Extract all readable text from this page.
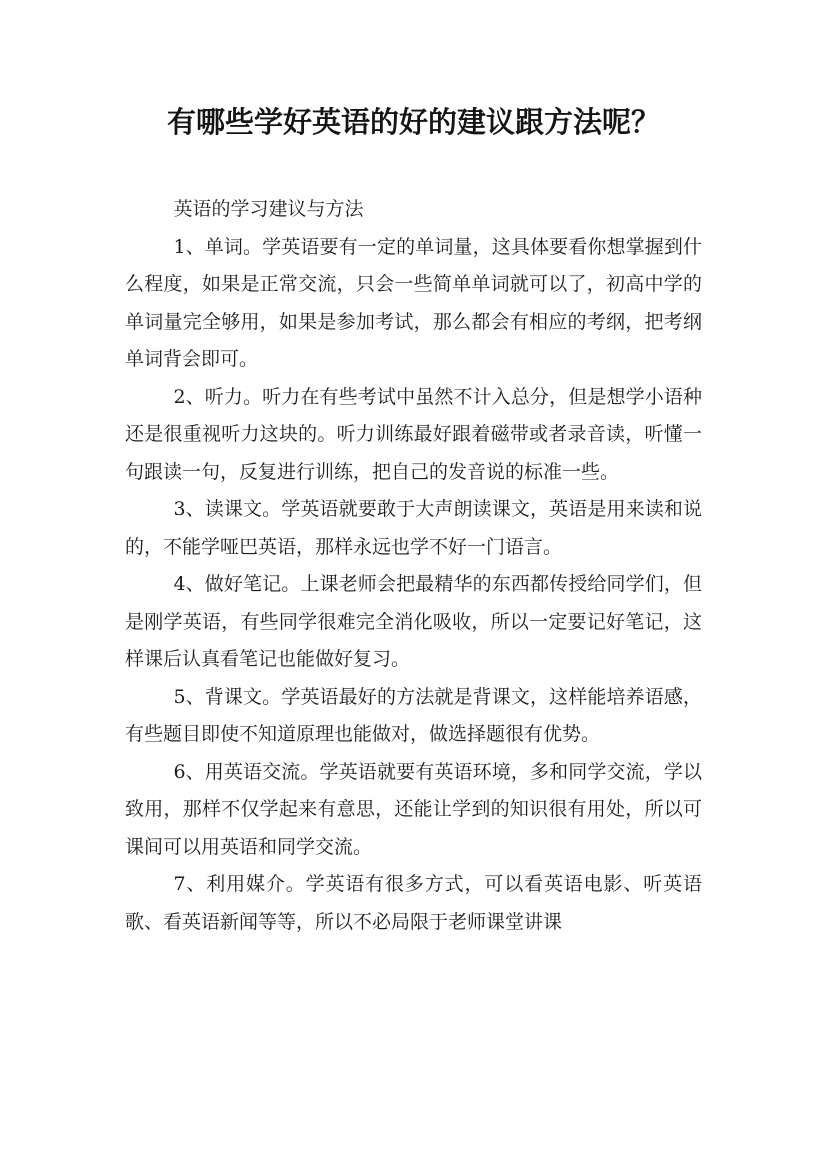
有哪些学好英语的好的建议跟方法呢？

英语的学习建议与方法

1、单词。学英语要有一定的单词量，这具体要看你想掌握到什么程度，如果是正常交流，只会一些简单单词就可以了，初高中学的单词量完全够用，如果是参加考试，那么都会有相应的考纲，把考纲单词背会即可。

2、听力。听力在有些考试中虽然不计入总分，但是想学小语种还是很重视听力这块的。听力训练最好跟着磁带或者录音读，听懂一句跟读一句，反复进行训练，把自己的发音说的标准一些。

3、读课文。学英语就要敢于大声朗读课文，英语是用来读和说的，不能学哑巴英语，那样永远也学不好一门语言。

4、做好笔记。上课老师会把最精华的东西都传授给同学们，但是刚学英语，有些同学很难完全消化吸收，所以一定要记好笔记，这样课后认真看笔记也能做好复习。

5、背课文。学英语最好的方法就是背课文，这样能培养语感，有些题目即使不知道原理也能做对，做选择题很有优势。

6、用英语交流。学英语就要有英语环境，多和同学交流，学以致用，那样不仅学起来有意思，还能让学到的知识很有用处，所以可课间可以用英语和同学交流。

7、利用媒介。学英语有很多方式，可以看英语电影、听英语歌、看英语新闻等等，所以不必局限于老师课堂讲课
